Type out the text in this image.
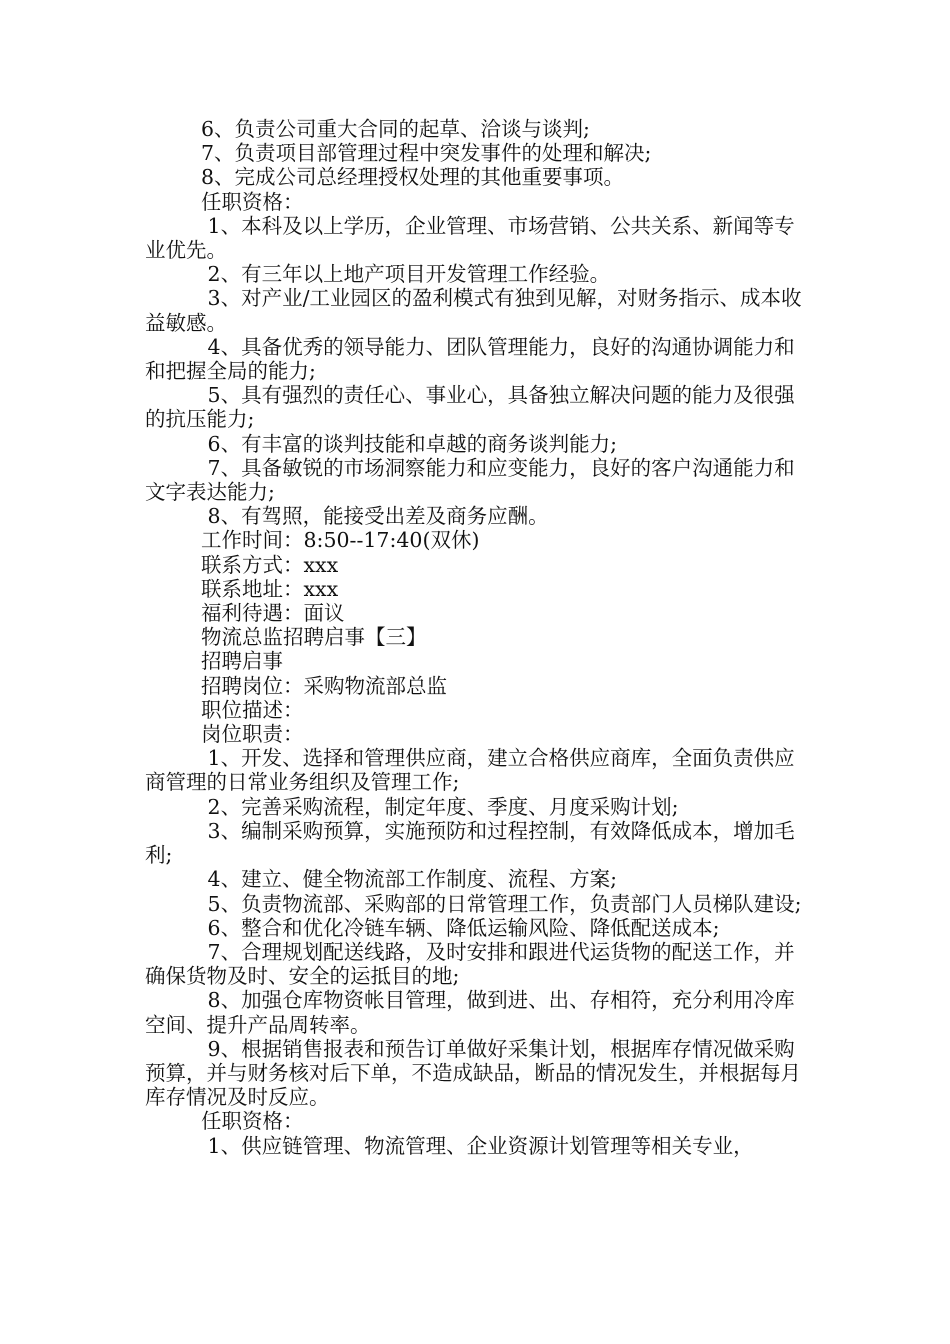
6、负责公司重大合同的起草、洽谈与谈判;

7、负责项目部管理过程中突发事件的处理和解决;

8、完成公司总经理授权处理的其他重要事项。

任职资格：

1、本科及以上学历，企业管理、市场营销、公共关系、新闻等专业优先。

2、有三年以上地产项目开发管理工作经验。

3、对产业/工业园区的盈利模式有独到见解，对财务指示、成本收益敏感。

4、具备优秀的领导能力、团队管理能力，良好的沟通协调能力和和把握全局的能力;

5、具有强烈的责任心、事业心，具备独立解决问题的能力及很强的抗压能力;

6、有丰富的谈判技能和卓越的商务谈判能力;

7、具备敏锐的市场洞察能力和应变能力，良好的客户沟通能力和文字表达能力;

8、有驾照，能接受出差及商务应酬。

工作时间：8:50--17:40(双休)

联系方式：xxx

联系地址：xxx

福利待遇：面议

物流总监招聘启事【三】

招聘启事

招聘岗位：采购物流部总监

职位描述：

岗位职责：

1、开发、选择和管理供应商，建立合格供应商库，全面负责供应商管理的日常业务组织及管理工作;

2、完善采购流程，制定年度、季度、月度采购计划;

3、编制采购预算，实施预防和过程控制，有效降低成本，增加毛利;

4、建立、健全物流部工作制度、流程、方案;

5、负责物流部、采购部的日常管理工作，负责部门人员梯队建设;

6、整合和优化冷链车辆、降低运输风险、降低配送成本;

7、合理规划配送线路，及时安排和跟进代运货物的配送工作，并确保货物及时、安全的运抵目的地;

8、加强仓库物资帐目管理，做到进、出、存相符，充分利用冷库空间、提升产品周转率。

9、根据销售报表和预告订单做好采集计划，根据库存情况做采购预算，并与财务核对后下单，不造成缺品，断品的情况发生，并根据每月库存情况及时反应。

任职资格：

1、供应链管理、物流管理、企业资源计划管理等相关专业，
